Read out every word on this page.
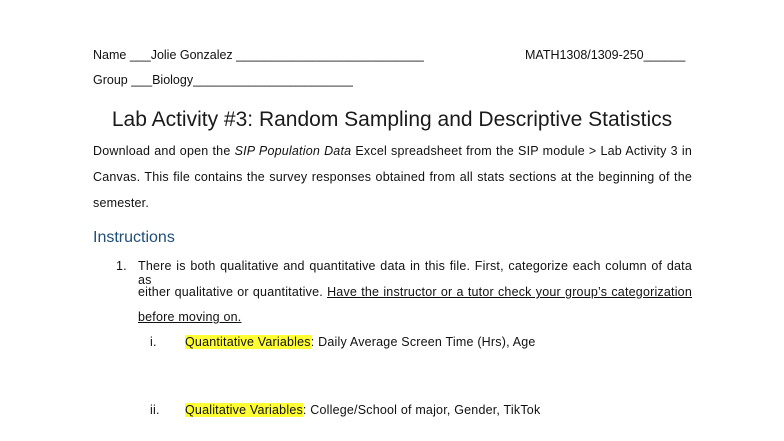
Name ___Jolie Gonzalez ___________________________	MATH1308/1309-250______
Group ___Biology_______________________
Lab Activity #3: Random Sampling and Descriptive Statistics
Download and open the SIP Population Data Excel spreadsheet from the SIP module > Lab Activity 3 in
Canvas. This file contains the survey responses obtained from all stats sections at the beginning of the
semester.
Instructions
1. There is both qualitative and quantitative data in this file. First, categorize each column of data as
either qualitative or quantitative. Have the instructor or a tutor check your group’s categorization
before moving on.
i. Quantitative Variables: Daily Average Screen Time (Hrs), Age
ii. Qualitative Variables: College/School of major, Gender, TikTok
